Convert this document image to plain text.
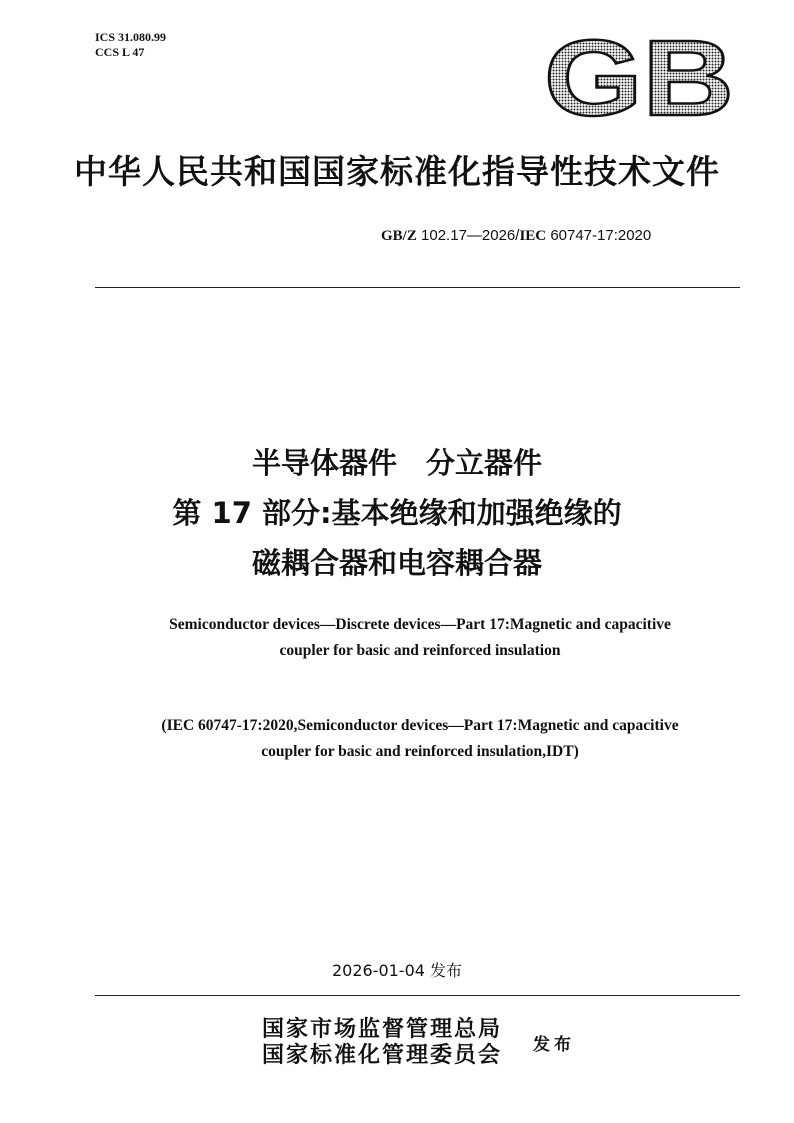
ICS 31.080.99
CCS L 47	GB
中华人民共和国国家标准化指导性技术文件
GB/Z 102.17—2026/IEC 60747-17:2020
半导体器件　分立器件
第 17 部分:基本绝缘和加强绝缘的
磁耦合器和电容耦合器
Semiconductor devices—Discrete devices—Part 17:Magnetic and capacitive
coupler for basic and reinforced insulation
(IEC 60747-17:2020,Semiconductor devices—Part 17:Magnetic and capacitive
coupler for basic and reinforced insulation,IDT)
2026-01-04 发布
国家市场监督管理总局
国家标准化管理委员会 发布
